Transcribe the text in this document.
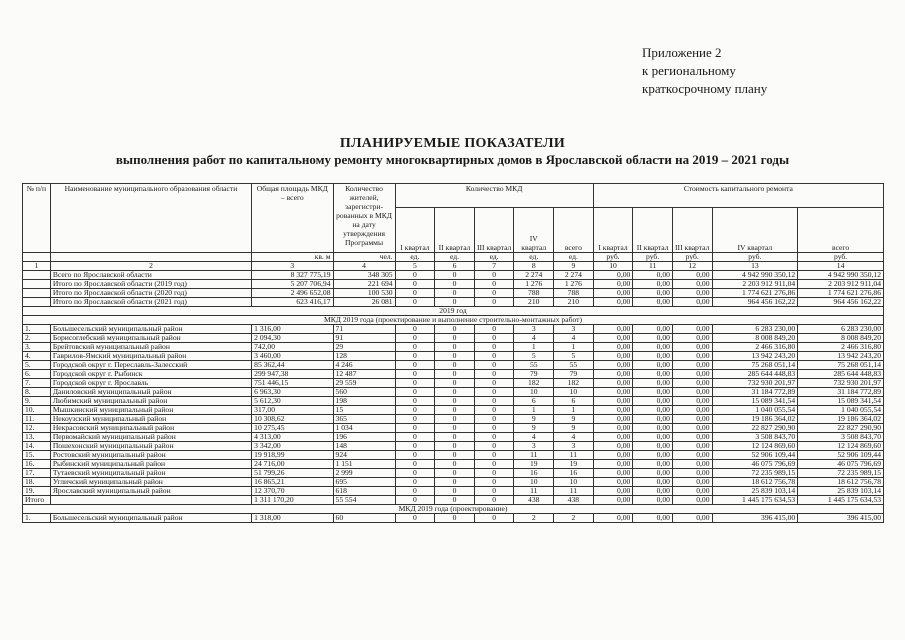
Приложение 2
к региональному
краткосрочному плану
ПЛАНИРУЕМЫЕ ПОКАЗАТЕЛИ
выполнения работ по капитальному ремонту многоквартирных домов в Ярославской области на 2019 – 2021 годы
№ п/п	Наименование муниципального образования области	Общая площадь МКД – всего	Количество жителей, зарегистри-рованных в МКД на дату утверждения Программы	Количество МКД					Стоимость капитального ремонта				
				I квартал	II квартал	III квартал	IV квартал	всего	I квартал	II квартал	III квартал	IV квартал	всего
		кв. м	чел.	ед.	ед.	ед.	ед.	ед.	руб.	руб.	руб.	руб.	руб.
1	2	3	4	5	6	7	8	9	10	11	12	13	14
	Всего по Ярославской области	8 327 775,19	348 305	0	0	0	2 274	2 274	0,00	0,00	0,00	4 942 990 350,12	4 942 990 350,12
	Итого по Ярославской области (2019 год)	5 207 706,94	221 694	0	0	0	1 276	1 276	0,00	0,00	0,00	2 203 912 911,04	2 203 912 911,04
	Итого по Ярославской области (2020 год)	2 496 652,08	100 530	0	0	0	788	788	0,00	0,00	0,00	1 774 621 276,86	1 774 621 276,86
	Итого по Ярославской области (2021 год)	623 416,17	26 081	0	0	0	210	210	0,00	0,00	0,00	964 456 162,22	964 456 162,22
2019 год													
МКД 2019 года (проектирование и выполнение строительно-монтажных работ)													
1.	Большесельский муниципальный район	1 316,00	71	0	0	0	3	3	0,00	0,00	0,00	6 283 230,00	6 283 230,00
2.	Борисоглебский муниципальный район	2 094,30	91	0	0	0	4	4	0,00	0,00	0,00	8 008 849,20	8 008 849,20
3.	Брейтовский муниципальный район	742,00	29	0	0	0	1	1	0,00	0,00	0,00	2 466 316,80	2 466 316,80
4.	Гаврилов-Ямский муниципальный район	3 460,00	128	0	0	0	5	5	0,00	0,00	0,00	13 942 243,20	13 942 243,20
5.	Городской округ г. Переславль-Залесский	85 362,44	4 246	0	0	0	55	55	0,00	0,00	0,00	75 268 051,14	75 268 051,14
6.	Городской округ г. Рыбинск	299 947,38	12 487	0	0	0	79	79	0,00	0,00	0,00	285 644 448,83	285 644 448,83
7.	Городской округ г. Ярославль	751 446,15	29 559	0	0	0	182	182	0,00	0,00	0,00	732 930 201,97	732 930 201,97
8.	Даниловский муниципальный район	6 963,30	560	0	0	0	10	10	0,00	0,00	0,00	31 184 772,89	31 184 772,89
9.	Любимский муниципальный район	5 612,30	198	0	0	0	6	6	0,00	0,00	0,00	15 089 341,54	15 089 341,54
10.	Мышкинский муниципальный район	317,00	15	0	0	0	1	1	0,00	0,00	0,00	1 040 055,54	1 040 055,54
11.	Некоузский муниципальный район	10 308,62	365	0	0	0	9	9	0,00	0,00	0,00	19 186 364,02	19 186 364,02
12.	Некрасовский муниципальный район	10 275,45	1 034	0	0	0	9	9	0,00	0,00	0,00	22 827 290,90	22 827 290,90
13.	Первомайский муниципальный район	4 313,00	196	0	0	0	4	4	0,00	0,00	0,00	3 508 843,70	3 508 843,70
14.	Пошехонский муниципальный район	3 342,00	148	0	0	0	3	3	0,00	0,00	0,00	12 124 869,60	12 124 869,60
15.	Ростовский муниципальный район	19 918,99	924	0	0	0	11	11	0,00	0,00	0,00	52 906 109,44	52 906 109,44
16.	Рыбинский муниципальный район	24 716,00	1 151	0	0	0	19	19	0,00	0,00	0,00	46 075 796,69	46 075 796,69
17.	Тутаевский муниципальный район	51 799,26	2 999	0	0	0	16	16	0,00	0,00	0,00	72 235 989,15	72 235 989,15
18.	Угличский муниципальный район	16 865,21	695	0	0	0	10	10	0,00	0,00	0,00	18 612 756,78	18 612 756,78
19.	Ярославский муниципальный район	12 370,70	618	0	0	0	11	11	0,00	0,00	0,00	25 839 103,14	25 839 103,14
Итого		1 311 170,20	55 554	0	0	0	438	438	0,00	0,00	0,00	1 445 175 634,53	1 445 175 634,53
МКД 2019 года (проектирование)													
1.	Большесельский муниципальный район	1 318,00	60	0	0	0	2	2	0,00	0,00	0,00	396 415,00	396 415,00
